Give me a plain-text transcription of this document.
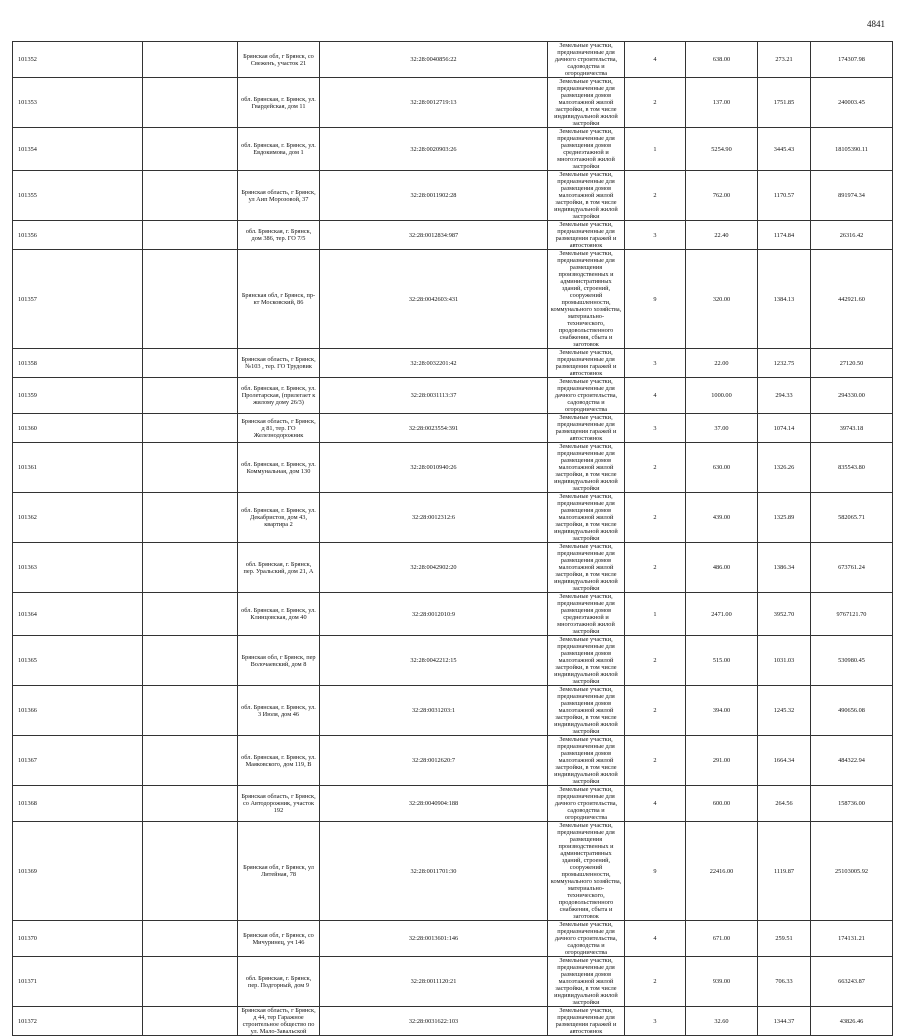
4841
101352		Брянская обл, г Брянск, со Свеженъ, участок 21	32:28:0040856:22	Земельные участки, предназначенные для дачного строительства, садоводства и огородничества	4	638.00	273.21	174307.98
101353		обл. Брянская, г. Брянск, ул. Гвардейская, дом 11	32:28:0012719:13	Земельные участки, предназначенные для размещения домов малоэтажной жилой застройки, в том числе индивидуальной жилой застройки	2	137.00	1751.85	240003.45
101354		обл. Брянская, г. Брянск, ул. Евдокимова, дом 1	32:28:0020903:26	Земельные участки, предназначенные для размещения домов среднеэтажной и многоэтажной жилой застройки	1	5254.90	3445.43	18105390.11
101355		Брянская область, г Брянск, ул Аип Морозовой, 37	32:28:0011902:28	Земельные участки, предназначенные для размещения домов малоэтажной жилой застройки, в том числе индивидуальной жилой застройки	2	762.00	1170.57	891974.34
101356		обл. Брянская, г. Брянск, дом 386, тер. ГО 7/5	32:28:0012834:987	Земельные участки, предназначенные для размещения гаражей и автостоянок	3	22.40	1174.84	26316.42
101357		Брянская обл, г Брянск, пр-кт Московский, 86	32:28:0042603:431	Земельные участки, предназначенные для размещения производственных и административных зданий, строений, сооружений промышленности, коммунального хозяйства, материально-технического, продовольственного снабжения, сбыта и заготовок	9	320.00	1384.13	442921.60
101358		Брянская область, г Брянск, №103 , тер. ГО Трудовик	32:28:0032201:42	Земельные участки, предназначенные для размещения гаражей и автостоянок	3	22.00	1232.75	27120.50
101359		обл. Брянская, г. Брянск, ул. Пролетарская, (прилегает к жилому дому 26/3)	32:28:0031113:37	Земельные участки, предназначенные для дачного строительства, садоводства и огородничества	4	1000.00	294.33	294330.00
101360		Брянская область, г Брянск, д 81, тер. ГО Железнодорожник	32:28:0023554:391	Земельные участки, предназначенные для размещения гаражей и автостоянок	3	37.00	1074.14	39743.18
101361		обл. Брянская, г. Брянск, ул. Коммунальная, дом 130	32:28:0010940:26	Земельные участки, предназначенные для размещения домов малоэтажной жилой застройки, в том числе индивидуальной жилой застройки	2	630.00	1326.26	835543.80
101362		обл. Брянская, г. Брянск, ул. Декабристов, дом 43, квартира 2	32:28:0012312:6	Земельные участки, предназначенные для размещения домов малоэтажной жилой застройки, в том числе индивидуальной жилой застройки	2	439.00	1325.89	582065.71
101363		обл. Брянская, г. Брянск, пер. Уральский, дом 21, А	32:28:0042902:20	Земельные участки, предназначенные для размещения домов малоэтажной жилой застройки, в том числе индивидуальной жилой застройки	2	486.00	1386.34	673761.24
101364		обл. Брянская, г. Брянск, ул. Клинцовская, дом 40	32:28:0012010:9	Земельные участки, предназначенные для размещения домов среднеэтажной и многоэтажной жилой застройки	1	2471.00	3952.70	9767121.70
101365		Брянская обл, г Брянск, пер Волочаевский, дом 8	32:28:0042212:15	Земельные участки, предназначенные для размещения домов малоэтажной жилой застройки, в том числе индивидуальной жилой застройки	2	515.00	1031.03	530980.45
101366		обл. Брянская, г. Брянск, ул. 3 Июля, дом 46	32:28:0031203:1	Земельные участки, предназначенные для размещения домов малоэтажной жилой застройки, в том числе индивидуальной жилой застройки	2	394.00	1245.32	490656.08
101367		обл. Брянская, г. Брянск, ул. Маяковского, дом 119, В	32:28:0012620:7	Земельные участки, предназначенные для размещения домов малоэтажной жилой застройки, в том числе индивидуальной жилой застройки	2	291.00	1664.34	484322.94
101368		Брянская область, г Брянск, со Автодорожник, участок 192	32:28:0040904:188	Земельные участки, предназначенные для дачного строительства, садоводства и огородничества	4	600.00	264.56	158736.00
101369		Брянская обл, г Брянск, ул Литейная, 78	32:28:0011701:30	Земельные участки, предназначенные для размещения производственных и административных зданий, строений, сооружений промышленности, коммунального хозяйства, материально-технического, продовольственного снабжения, сбыта и заготовок	9	22416.00	1119.87	25103005.92
101370		Брянская обл, г Брянск, со Мичуринец, уч 146	32:28:0013601:146	Земельные участки, предназначенные для дачного строительства, садоводства и огородничества	4	671.00	259.51	174131.21
101371		обл. Брянская, г. Брянск, пер. Подгорный, дом 9	32:28:0011120:21	Земельные участки, предназначенные для размещения домов малоэтажной жилой застройки, в том числе индивидуальной жилой застройки	2	939.00	706.33	663243.87
101372		Брянская область, г Брянск, д 44, тер Гаражное строительное общество по ул. Мало-Завальской	32:28:0031622:103	Земельные участки, предназначенные для размещения гаражей и автостоянок	3	32.60	1344.37	43826.46
